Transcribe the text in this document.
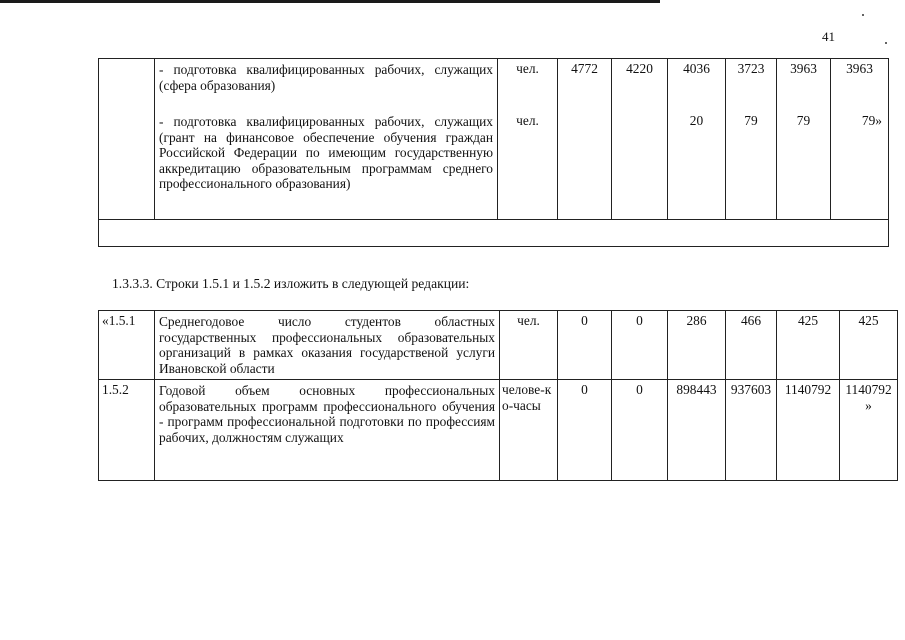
41
	- подготовка квалифицированных рабочих, служащих (сфера образования)	чел.	4772	4220	4036	3723	3963	3963
	- подготовка квалифицированных рабочих, служащих (грант на финансовое обеспечение обучения граждан Российской Федерации по имеющим государственную аккредитацию образовательным программам среднего профессионального образования)	чел.			20	79	79	79»

1.3.3.3. Строки 1.5.1 и 1.5.2 изложить в следующей редакции:
«1.5.1	Среднегодовое число студентов областных государственных профессиональных образовательных организаций в рамках оказания государственой услуги Ивановской области	чел.	0	0	286	466	425	425
1.5.2	Годовой объем основных профессиональных образовательных программ профессионального обучения - программ профессиональной подготовки по профессиям рабочих, должностям служащих	челове-ко-часы	0	0	898443	937603	1140792	1140792 »
